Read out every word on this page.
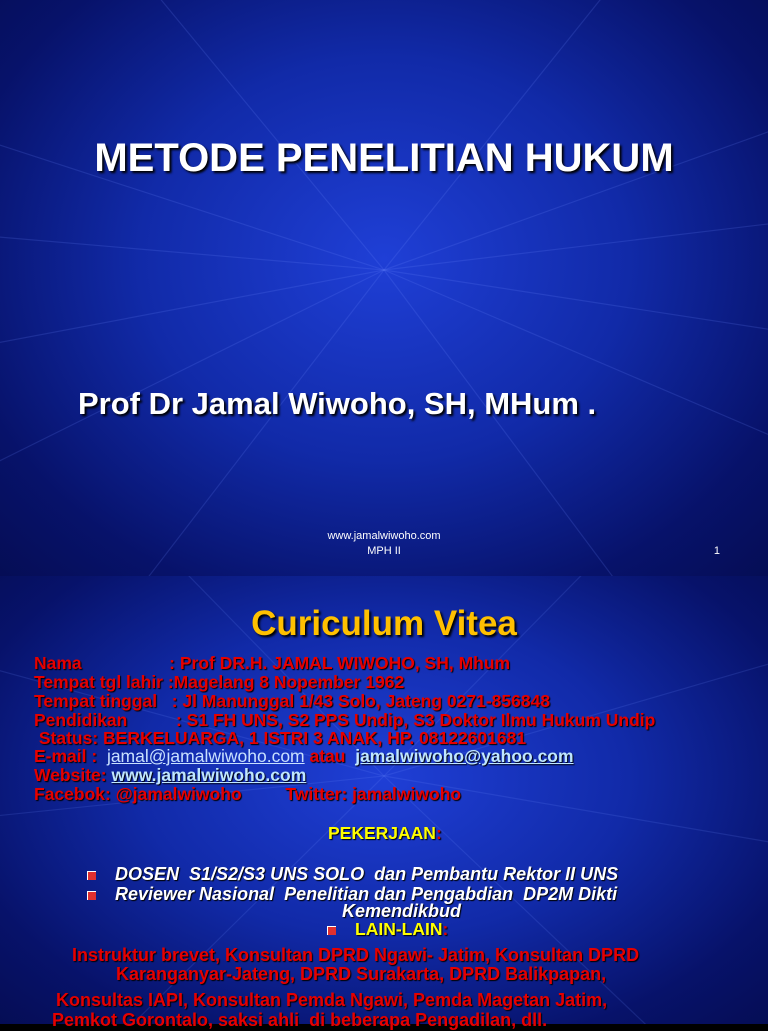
METODE PENELITIAN HUKUM
Prof Dr Jamal Wiwoho, SH, MHum .
www.jamalwiwoho.com
MPH II	1
Curiculum Vitea
Nama                  : Prof DR.H. JAMAL WIWOHO, SH, Mhum
Tempat tgl lahir :Magelang 8 Nopember 1962
Tempat tinggal   : Jl Manunggal 1/43 Solo, Jateng 0271-856848
Pendidikan          : S1 FH UNS, S2 PPS Undip, S3 Doktor Ilmu Hukum Undip
Status: BERKELUARGA, 1 ISTRI 3 ANAK, HP. 08122601681
E-mail :  jamal@jamalwiwoho.com atau  jamalwiwoho@yahoo.com
Website: www.jamalwiwoho.com
Facebok: @jamalwiwoho         Twitter: jamalwiwoho
PEKERJAAN:
DOSEN  S1/S2/S3 UNS SOLO  dan Pembantu Rektor II UNS
Reviewer Nasional  Penelitian dan Pengabdian  DP2M Dikti
Kemendikbud
LAIN-LAIN:
Instruktur brevet, Konsultan DPRD Ngawi- Jatim, Konsultan DPRD
Karanganyar-Jateng, DPRD Surakarta, DPRD Balikpapan,
Konsultas IAPI, Konsultan Pemda Ngawi, Pemda Magetan Jatim,
Pemkot Gorontalo, saksi ahli  di beberapa Pengadilan, dll.
